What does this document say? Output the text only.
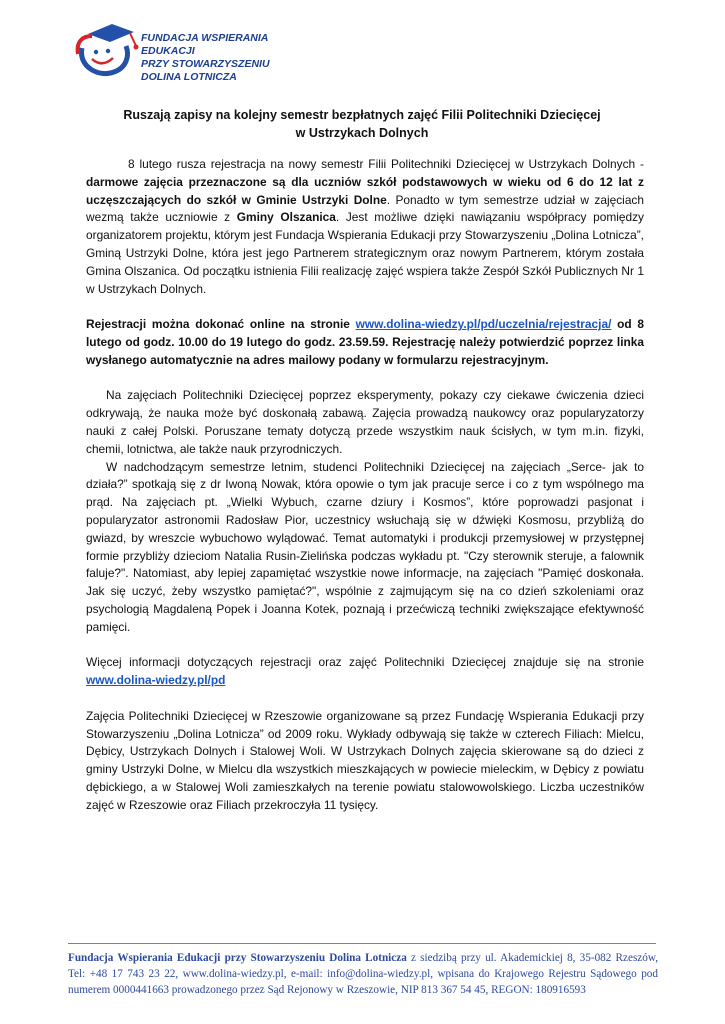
FUNDACJA WSPIERANIA EDUKACJI
PRZY STOWARZYSZENIU
DOLINA LOTNICZA
Ruszają zapisy na kolejny semestr bezpłatnych zajęć Filii Politechniki Dziecięcej
w Ustrzykach Dolnych

8 lutego rusza rejestracja na nowy semestr Filii Politechniki Dziecięcej w Ustrzykach Dolnych - darmowe zajęcia przeznaczone są dla uczniów szkół podstawowych w wieku od 6 do 12 lat z uczęszczających do szkół w Gminie Ustrzyki Dolne. Ponadto w tym semestrze udział w zajęciach wezmą także uczniowie z Gminy Olszanica. Jest możliwe dzięki nawiązaniu współpracy pomiędzy organizatorem projektu, którym jest Fundacja Wspierania Edukacji przy Stowarzyszeniu „Dolina Lotnicza”, Gminą Ustrzyki Dolne, która jest jego Partnerem strategicznym oraz nowym Partnerem, którym została Gmina Olszanica. Od początku istnienia Filii realizację zajęć wspiera także Zespół Szkół Publicznych Nr 1 w Ustrzykach Dolnych.

Rejestracji można dokonać online na stronie www.dolina-wiedzy.pl/pd/uczelnia/rejestracja/ od 8 lutego od godz. 10.00 do 19 lutego do godz. 23.59.59. Rejestrację należy potwierdzić poprzez linka wysłanego automatycznie na adres mailowy podany w formularzu rejestracyjnym.

Na zajęciach Politechniki Dziecięcej poprzez eksperymenty, pokazy czy ciekawe ćwiczenia dzieci odkrywają, że nauka może być doskonałą zabawą. Zajęcia prowadzą naukowcy oraz popularyzatorzy nauki z całej Polski. Poruszane tematy dotyczą przede wszystkim nauk ścisłych, w tym m.in. fizyki, chemii, lotnictwa, ale także nauk przyrodniczych.

W nadchodzącym semestrze letnim, studenci Politechniki Dziecięcej na zajęciach „Serce- jak to działa?” spotkają się z dr Iwoną Nowak, która opowie o tym jak pracuje serce i co z tym wspólnego ma prąd. Na zajęciach pt. „Wielki Wybuch, czarne dziury i Kosmos”, które poprowadzi pasjonat i popularyzator astronomii Radosław Pior, uczestnicy wsłuchają się w dźwięki Kosmosu, przybliżą do gwiazd, by wreszcie wybuchowo wylądować. Temat automatyki i produkcji przemysłowej w przystępnej formie przybliży dzieciom Natalia Rusin-Zielińska podczas wykładu pt. "Czy sterownik steruje, a falownik faluje?". Natomiast, aby lepiej zapamiętać wszystkie nowe informacje, na zajęciach "Pamięć doskonała. Jak się uczyć, żeby wszystko pamiętać?", wspólnie z zajmującym się na co dzień szkoleniami oraz psychologią Magdaleną Popek i Joanna Kotek, poznają i przećwiczą techniki zwiększające efektywność pamięci.

Więcej informacji dotyczących rejestracji oraz zajęć Politechniki Dziecięcej znajduje się na stronie www.dolina-wiedzy.pl/pd

Zajęcia Politechniki Dziecięcej w Rzeszowie organizowane są przez Fundację Wspierania Edukacji przy Stowarzyszeniu „Dolina Lotnicza” od 2009 roku. Wykłady odbywają się także w czterech Filiach: Mielcu, Dębicy, Ustrzykach Dolnych i Stalowej Woli. W Ustrzykach Dolnych zajęcia skierowane są do dzieci z gminy Ustrzyki Dolne, w Mielcu dla wszystkich mieszkających w powiecie mieleckim, w Dębicy z powiatu dębickiego, a w Stalowej Woli zamieszkałych na terenie powiatu stalowowolskiego. Liczba uczestników zajęć w Rzeszowie oraz Filiach przekroczyła 11 tysięcy.

Fundacja Wspierania Edukacji przy Stowarzyszeniu Dolina Lotnicza z siedzibą przy ul. Akademickiej 8, 35-082 Rzeszów, Tel: +48 17 743 23 22, www.dolina-wiedzy.pl, e-mail: info@dolina-wiedzy.pl, wpisana do Krajowego Rejestru Sądowego pod numerem 0000441663 prowadzonego przez Sąd Rejonowy w Rzeszowie, NIP 813 367 54 45, REGON: 180916593
